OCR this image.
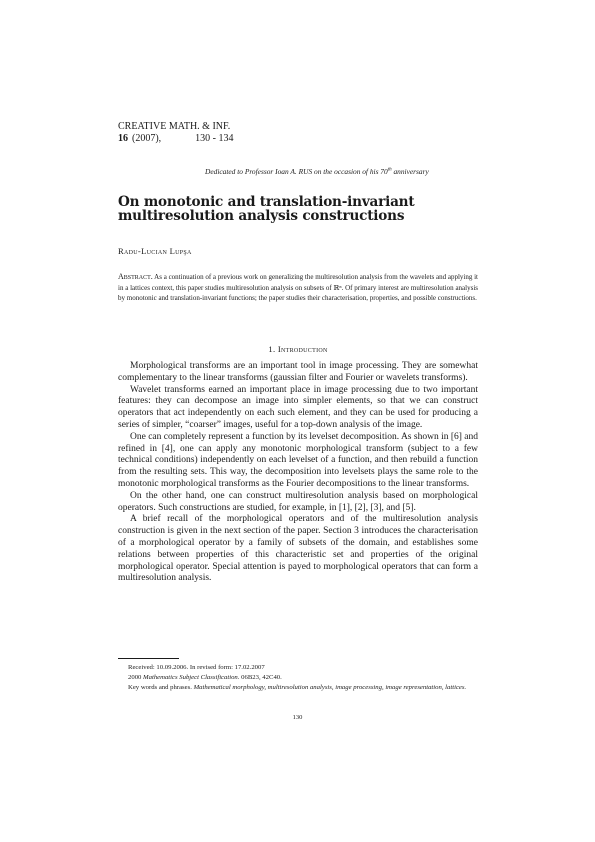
CREATIVE MATH. & INF.
16 (2007),	130 - 134
Dedicated to Professor Ioan A. RUS on the occasion of his 70th anniversary
On monotonic and translation-invariant
multiresolution analysis constructions
Radu-Lucian Lupşa
Abstract. As a continuation of a previous work on generalizing the multiresolution analysis from the wavelets and applying it in a lattices context, this paper studies multiresolution analysis on subsets of ℝⁿ. Of primary interest are multiresolution analysis by monotonic and translation-invariant functions; the paper studies their characterisation, properties, and possible constructions.
1. Introduction

Morphological transforms are an important tool in image processing. They are somewhat complementary to the linear transforms (gaussian filter and Fourier or wavelets transforms).

Wavelet transforms earned an important place in image processing due to two important features: they can decompose an image into simpler elements, so that we can construct operators that act independently on each such element, and they can be used for producing a series of simpler, “coarser” images, useful for a top-down analysis of the image.

One can completely represent a function by its levelset decomposition. As shown in [6] and refined in [4], one can apply any monotonic morphological transform (subject to a few technical conditions) independently on each levelset of a function, and then rebuild a function from the resulting sets. This way, the decomposition into levelsets plays the same role to the monotonic morphological transforms as the Fourier decompositions to the linear transforms.

On the other hand, one can construct multiresolution analysis based on morphological operators. Such constructions are studied, for example, in [1], [2], [3], and [5].

A brief recall of the morphological operators and of the multiresolution analysis construction is given in the next section of the paper. Section 3 introduces the characterisation of a morphological operator by a family of subsets of the domain, and establishes some relations between properties of this characteristic set and properties of the original morphological operator. Special attention is payed to morphological operators that can form a multiresolution analysis.

Received: 10.09.2006. In revised form: 17.02.2007

2000 Mathematics Subject Classification. 06B23, 42C40.

Key words and phrases. Mathematical morphology, multiresolution analysis, image processing, image representation, lattices.

130
